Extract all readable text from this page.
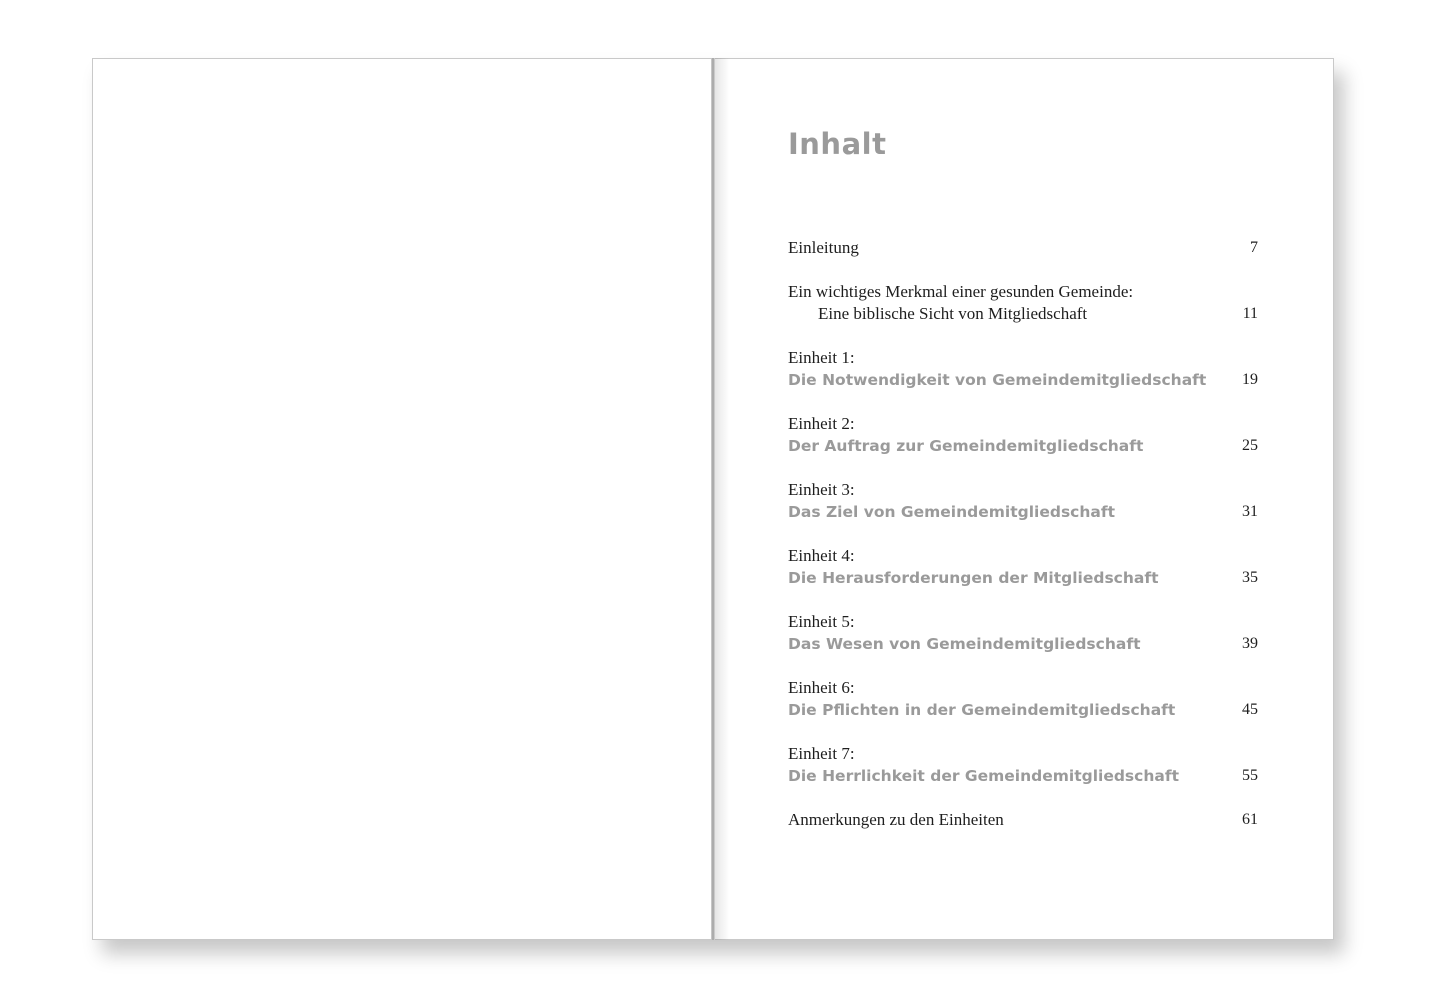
Inhalt
Einleitung	7
Ein wichtiges Merkmal einer gesunden Gemeinde:
Eine biblische Sicht von Mitgliedschaft	11
Einheit 1:
Die Notwendigkeit von Gemeindemitgliedschaft	19
Einheit 2:
Der Auftrag zur Gemeindemitgliedschaft	25
Einheit 3:
Das Ziel von Gemeindemitgliedschaft	31
Einheit 4:
Die Herausforderungen der Mitgliedschaft	35
Einheit 5:
Das Wesen von Gemeindemitgliedschaft	39
Einheit 6:
Die Pflichten in der Gemeindemitgliedschaft	45
Einheit 7:
Die Herrlichkeit der Gemeindemitgliedschaft	55
Anmerkungen zu den Einheiten	61
